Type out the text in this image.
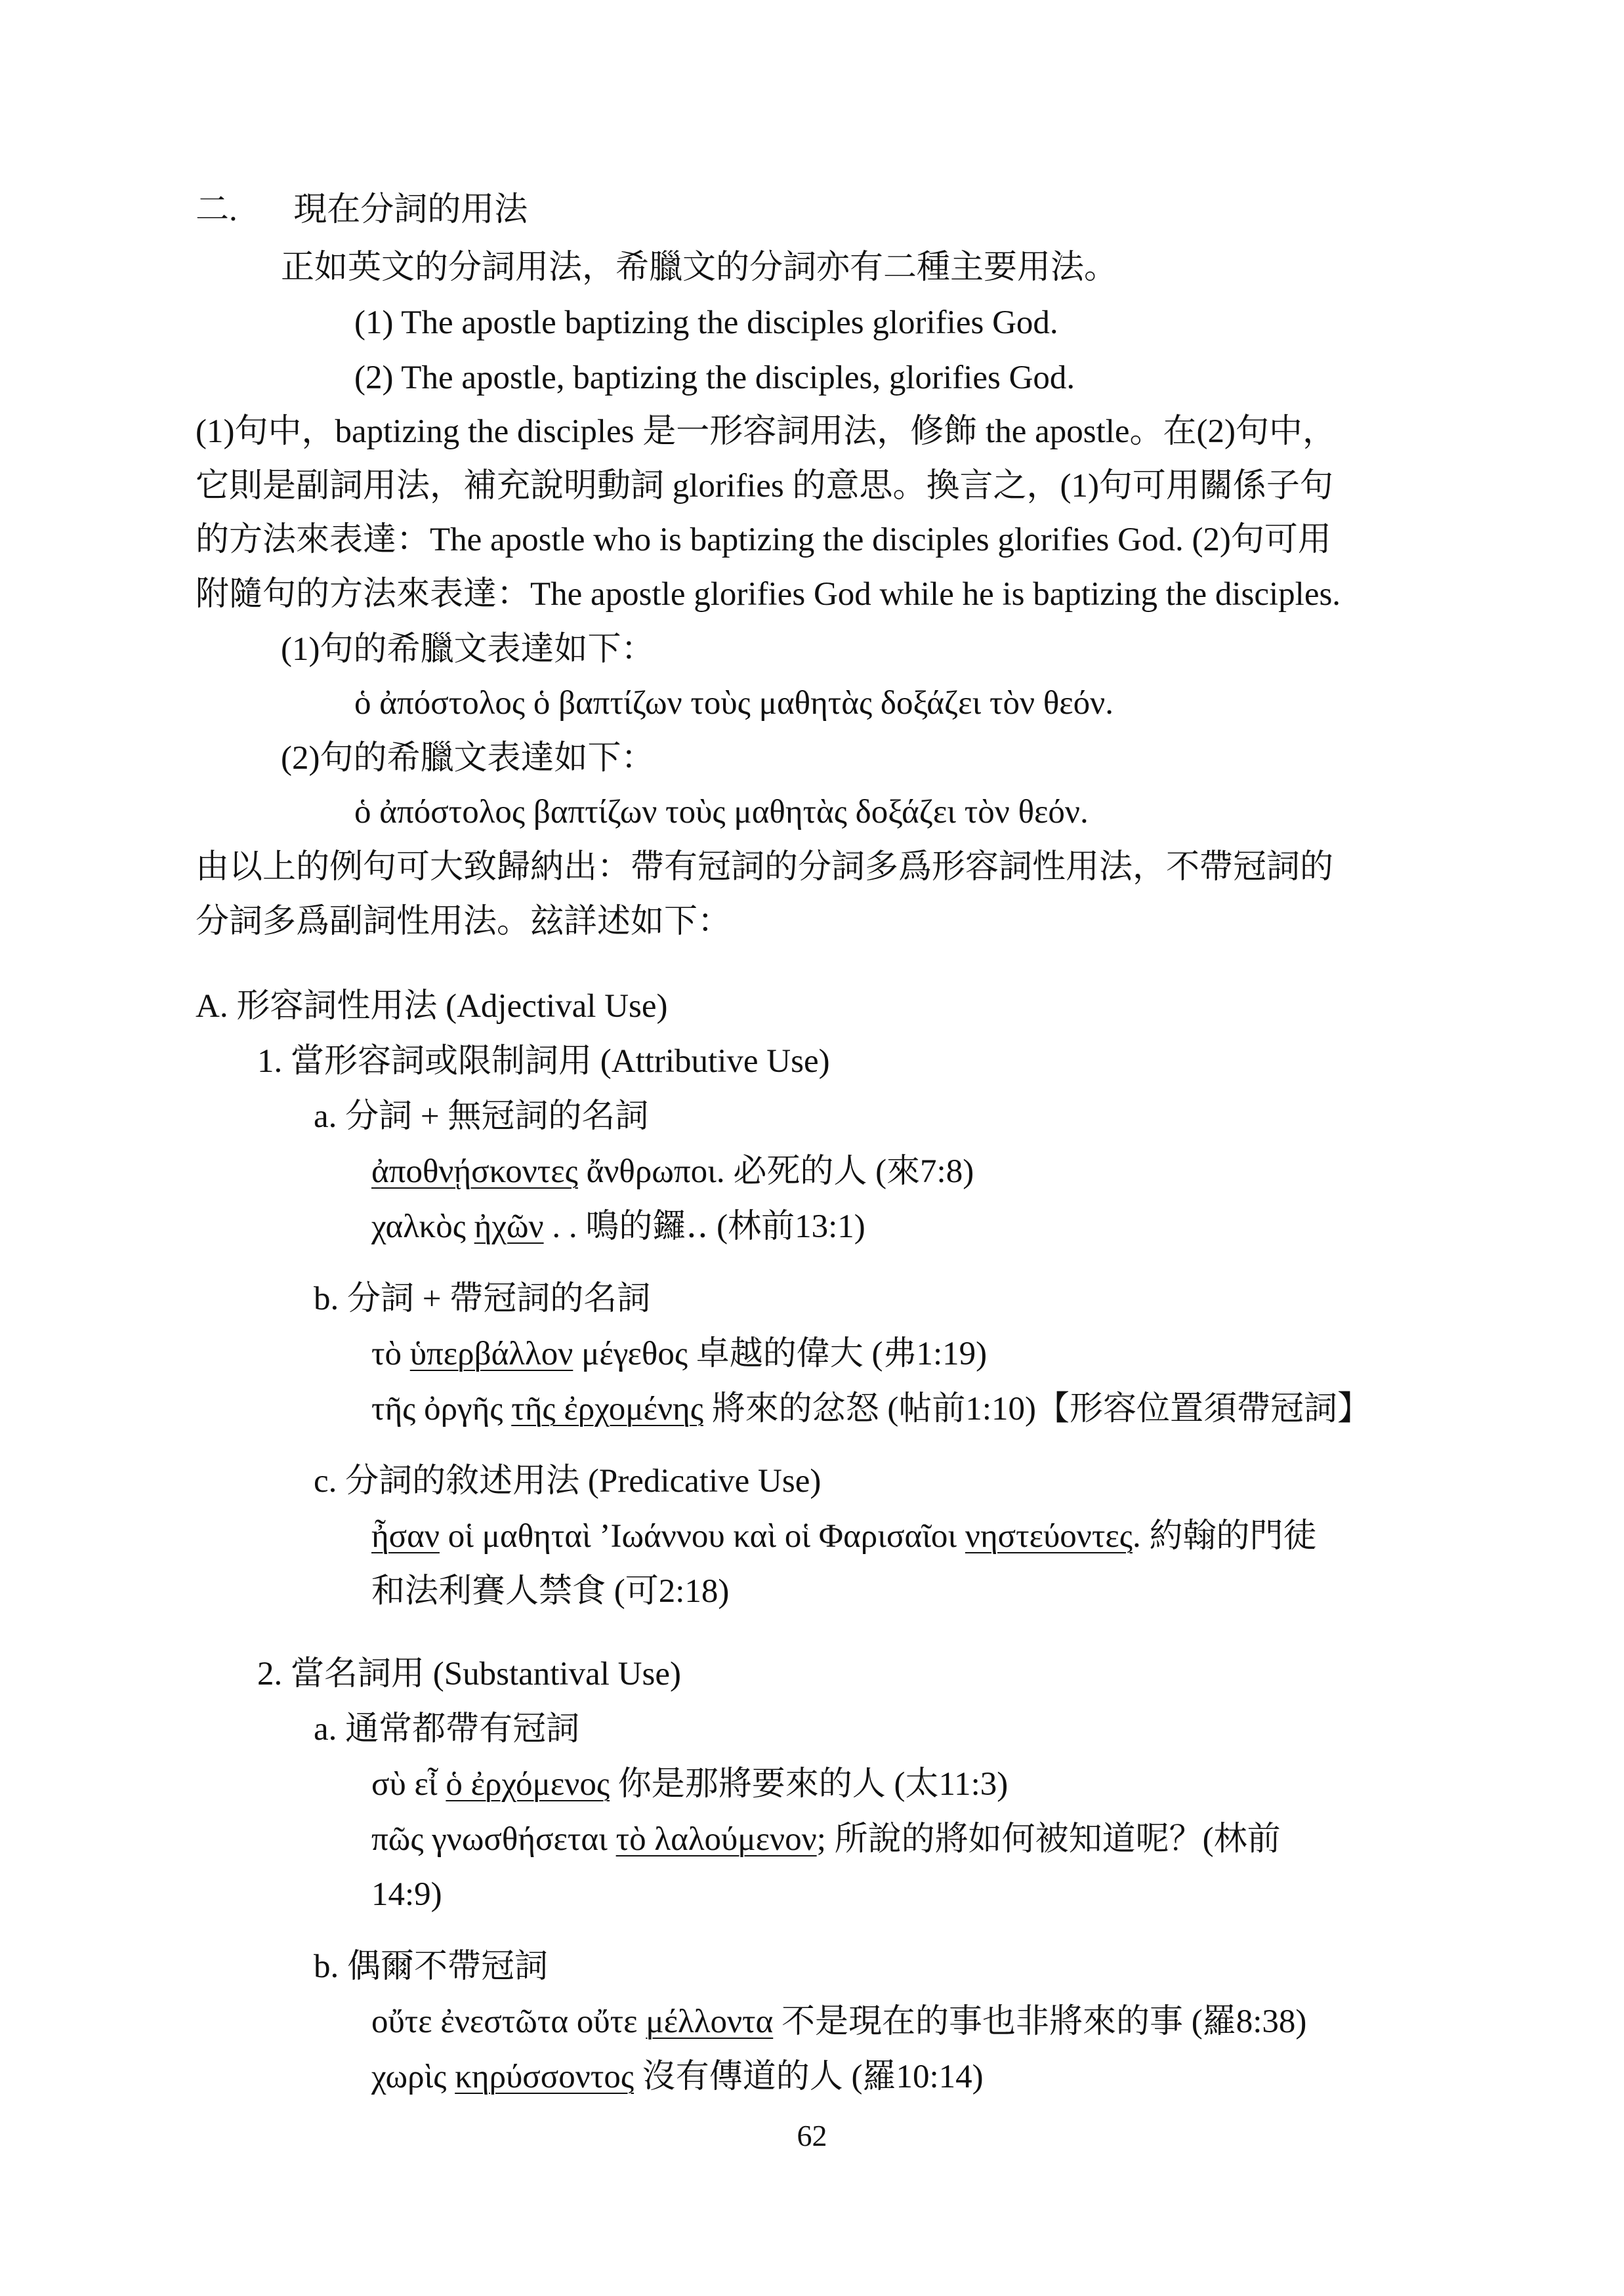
二. 現在分詞的用法
正如英文的分詞用法，希臘文的分詞亦有二種主要用法。
(1) The apostle baptizing the disciples glorifies God.
(2) The apostle, baptizing the disciples, glorifies God.
(1)句中，baptizing the disciples 是一形容詞用法，修飾 the apostle。在(2)句中，
它則是副詞用法，補充說明動詞 glorifies 的意思。換言之，(1)句可用關係子句
的方法來表達：The apostle who is baptizing the disciples glorifies God. (2)句可用
附隨句的方法來表達：The apostle glorifies God while he is baptizing the disciples.
(1)句的希臘文表達如下：
ὁ ἀπόστολος ὁ βαπτίζων τοὺς μαθητὰς δοξάζει τὸν θεόν.
(2)句的希臘文表達如下：
ὁ ἀπόστολος βαπτίζων τοὺς μαθητὰς δοξάζει τὸν θεόν.
由以上的例句可大致歸納出：帶有冠詞的分詞多爲形容詞性用法，不帶冠詞的
分詞多爲副詞性用法。玆詳述如下：
A. 形容詞性用法 (Adjectival Use)
1. 當形容詞或限制詞用 (Attributive Use)
a. 分詞 + 無冠詞的名詞
ἀποθνῄσκοντες ἄνθρωποι. 必死的人 (來7:8)
χαλκὸς ἠχῶν . . 鳴的鑼‥ (林前13:1)
b. 分詞 + 帶冠詞的名詞
τὸ ὑπερβάλλον μέγεθος 卓越的偉大 (弗1:19)
τῆς ὀργῆς τῆς ἐρχομένης 將來的忿怒 (帖前1:10)【形容位置須帶冠詞】
c. 分詞的敘述用法 (Predicative Use)
ἦσαν οἱ μαθηταὶ ’Ιωάννου καὶ οἱ Φαρισαῖοι νηστεύοντες. 約翰的門徒
和法利賽人禁食 (可2:18)
2. 當名詞用 (Substantival Use)
a. 通常都帶有冠詞
σὺ εἶ ὁ ἐρχόμενος 你是那將要來的人 (太11:3)
πῶς γνωσθήσεται τὸ λαλούμενον; 所說的將如何被知道呢？(林前
14:9)
b. 偶爾不帶冠詞
οὔτε ἐνεστῶτα οὔτε μέλλοντα 不是現在的事也非將來的事 (羅8:38)
χωρὶς κηρύσσοντος 沒有傳道的人 (羅10:14)
62
